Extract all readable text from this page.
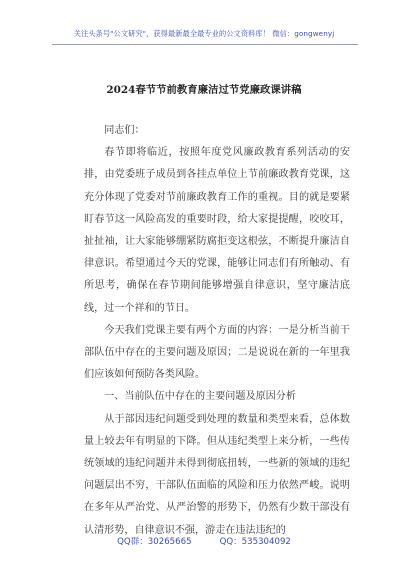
关注头条号"公文研究"，获得最新最全最专业的公文资料库！ 微信：gongwenyj
2024春节节前教育廉洁过节党廉政课讲稿

同志们：

春节即将临近，按照年度党风廉政教育系列活动的安排，由党委班子成员到各挂点单位上节前廉政教育党课，这充分体现了党委对节前廉政教育工作的重视。目的就是要紧盯春节这一风险高发的重要时段，给大家提提醒，咬咬耳，扯扯袖，让大家能够绷紧防腐拒变这根弦，不断提升廉洁自律意识。希望通过今天的党课，能够让同志们有所触动、有所思考，确保在春节期间能够增强自律意识，坚守廉洁底线，过一个祥和的节日。

今天我们党课主要有两个方面的内容：一是分析当前干部队伍中存在的主要问题及原因；二是说说在新的一年里我们应该如何预防各类风险。

一、当前队伍中存在的主要问题及原因分析

从于部因违纪问题受到处理的数量和类型来看，总体数量上较去年有明显的下降。但从违纪类型上来分析，一些传统领域的违纪问题并未得到彻底扭转，一些新的领域的违纪问题层出不穷，干部队伍面临的风险和压力依然严峻。说明在多年从严治党、从严治警的形势下，仍然有少数干部没有认清形势，自律意识不强，游走在违法违纪的

QQ群：30265665	QQ：535304092
